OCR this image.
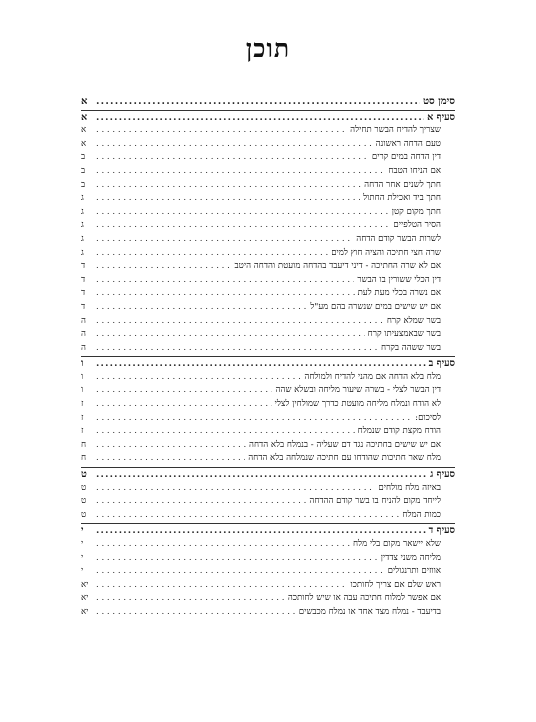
תוכן
סימן סט
.....
א
סעיף א
.....
א
שצריך להדיח הבשר תחילה
. . .
א
טעם הדחה ראשונה
. . .
א
דין הדחה במים קרים
. . .
ב
אם הניחו הטבח
. . .
ב
חתך לשנים אחר הדחה
. . .
ב
חתך ביד ואכילת החתול
. . .
ג
חתך מקום קטן
. . .
ג
הסיר הטלפיים
. . .
ג
לשרות הבשר קודם הדחה
. . .
ג
שרה חצי חתיכה והציה חוץ למים
. . .
ג
אם לא שרה החתיכה - דיני דיעבד בהדחה מועטת והדחה היטב
. . .
ד
דין הכלי ששורין בו הבשר
. . .
ד
אם נשרה בכלי מעת לעת
. . .
ד
אם יש שישים במים שנשרה בהם מע"ל
. . .
ד
בשר שמלא קרח
. . .
ה
בשר שבאמצעיתו קרח
. . .
ה
בשר ששהה בקרח
. . .
ה
סעיף ב
.....
ו
מלח בלא הדחה אם מהני להדיח ולמולחה
. . .
ו
דין הבשר לצלי - בשרה שיעור מליחה ובשלא שהה
. . .
ו
לא הודח ונמלח מליחה מועטת כדרך שמולחין לצלי
. . .
ז
לסיכום:
. . .
ז
הודח מקצת קודם שנמלח
. . .
ז
אם יש שישים בחתיכה נגד דם שעליה - בנמלח בלא הדחה
. . .
ח
מלח שאר חתיכות שהודחו עם חתיכה שנמלחה בלא הדחה
. . .
ח
סעיף ג
.....
ט
באיזה מלח מולחים
. . .
ט
לייחד מקום להניח בו בשר קודם ההדחה
. . .
ט
כמות המלח
. . .
ט
סעיף ד
.....
י
שלא יישאר מקום בלי מלח
. . .
י
מליחה משני צדדין
. . .
י
אווזים ותרנגולים
. . .
י
ראש שלם אם צריך לחותכו
. . .
יא
אם אפשר למלוח חתיכה עבה או שיש לחותכה
. . .
יא
בדיעבד - נמלח מצד אחד או נמלח מכבשים
. . .
יא
